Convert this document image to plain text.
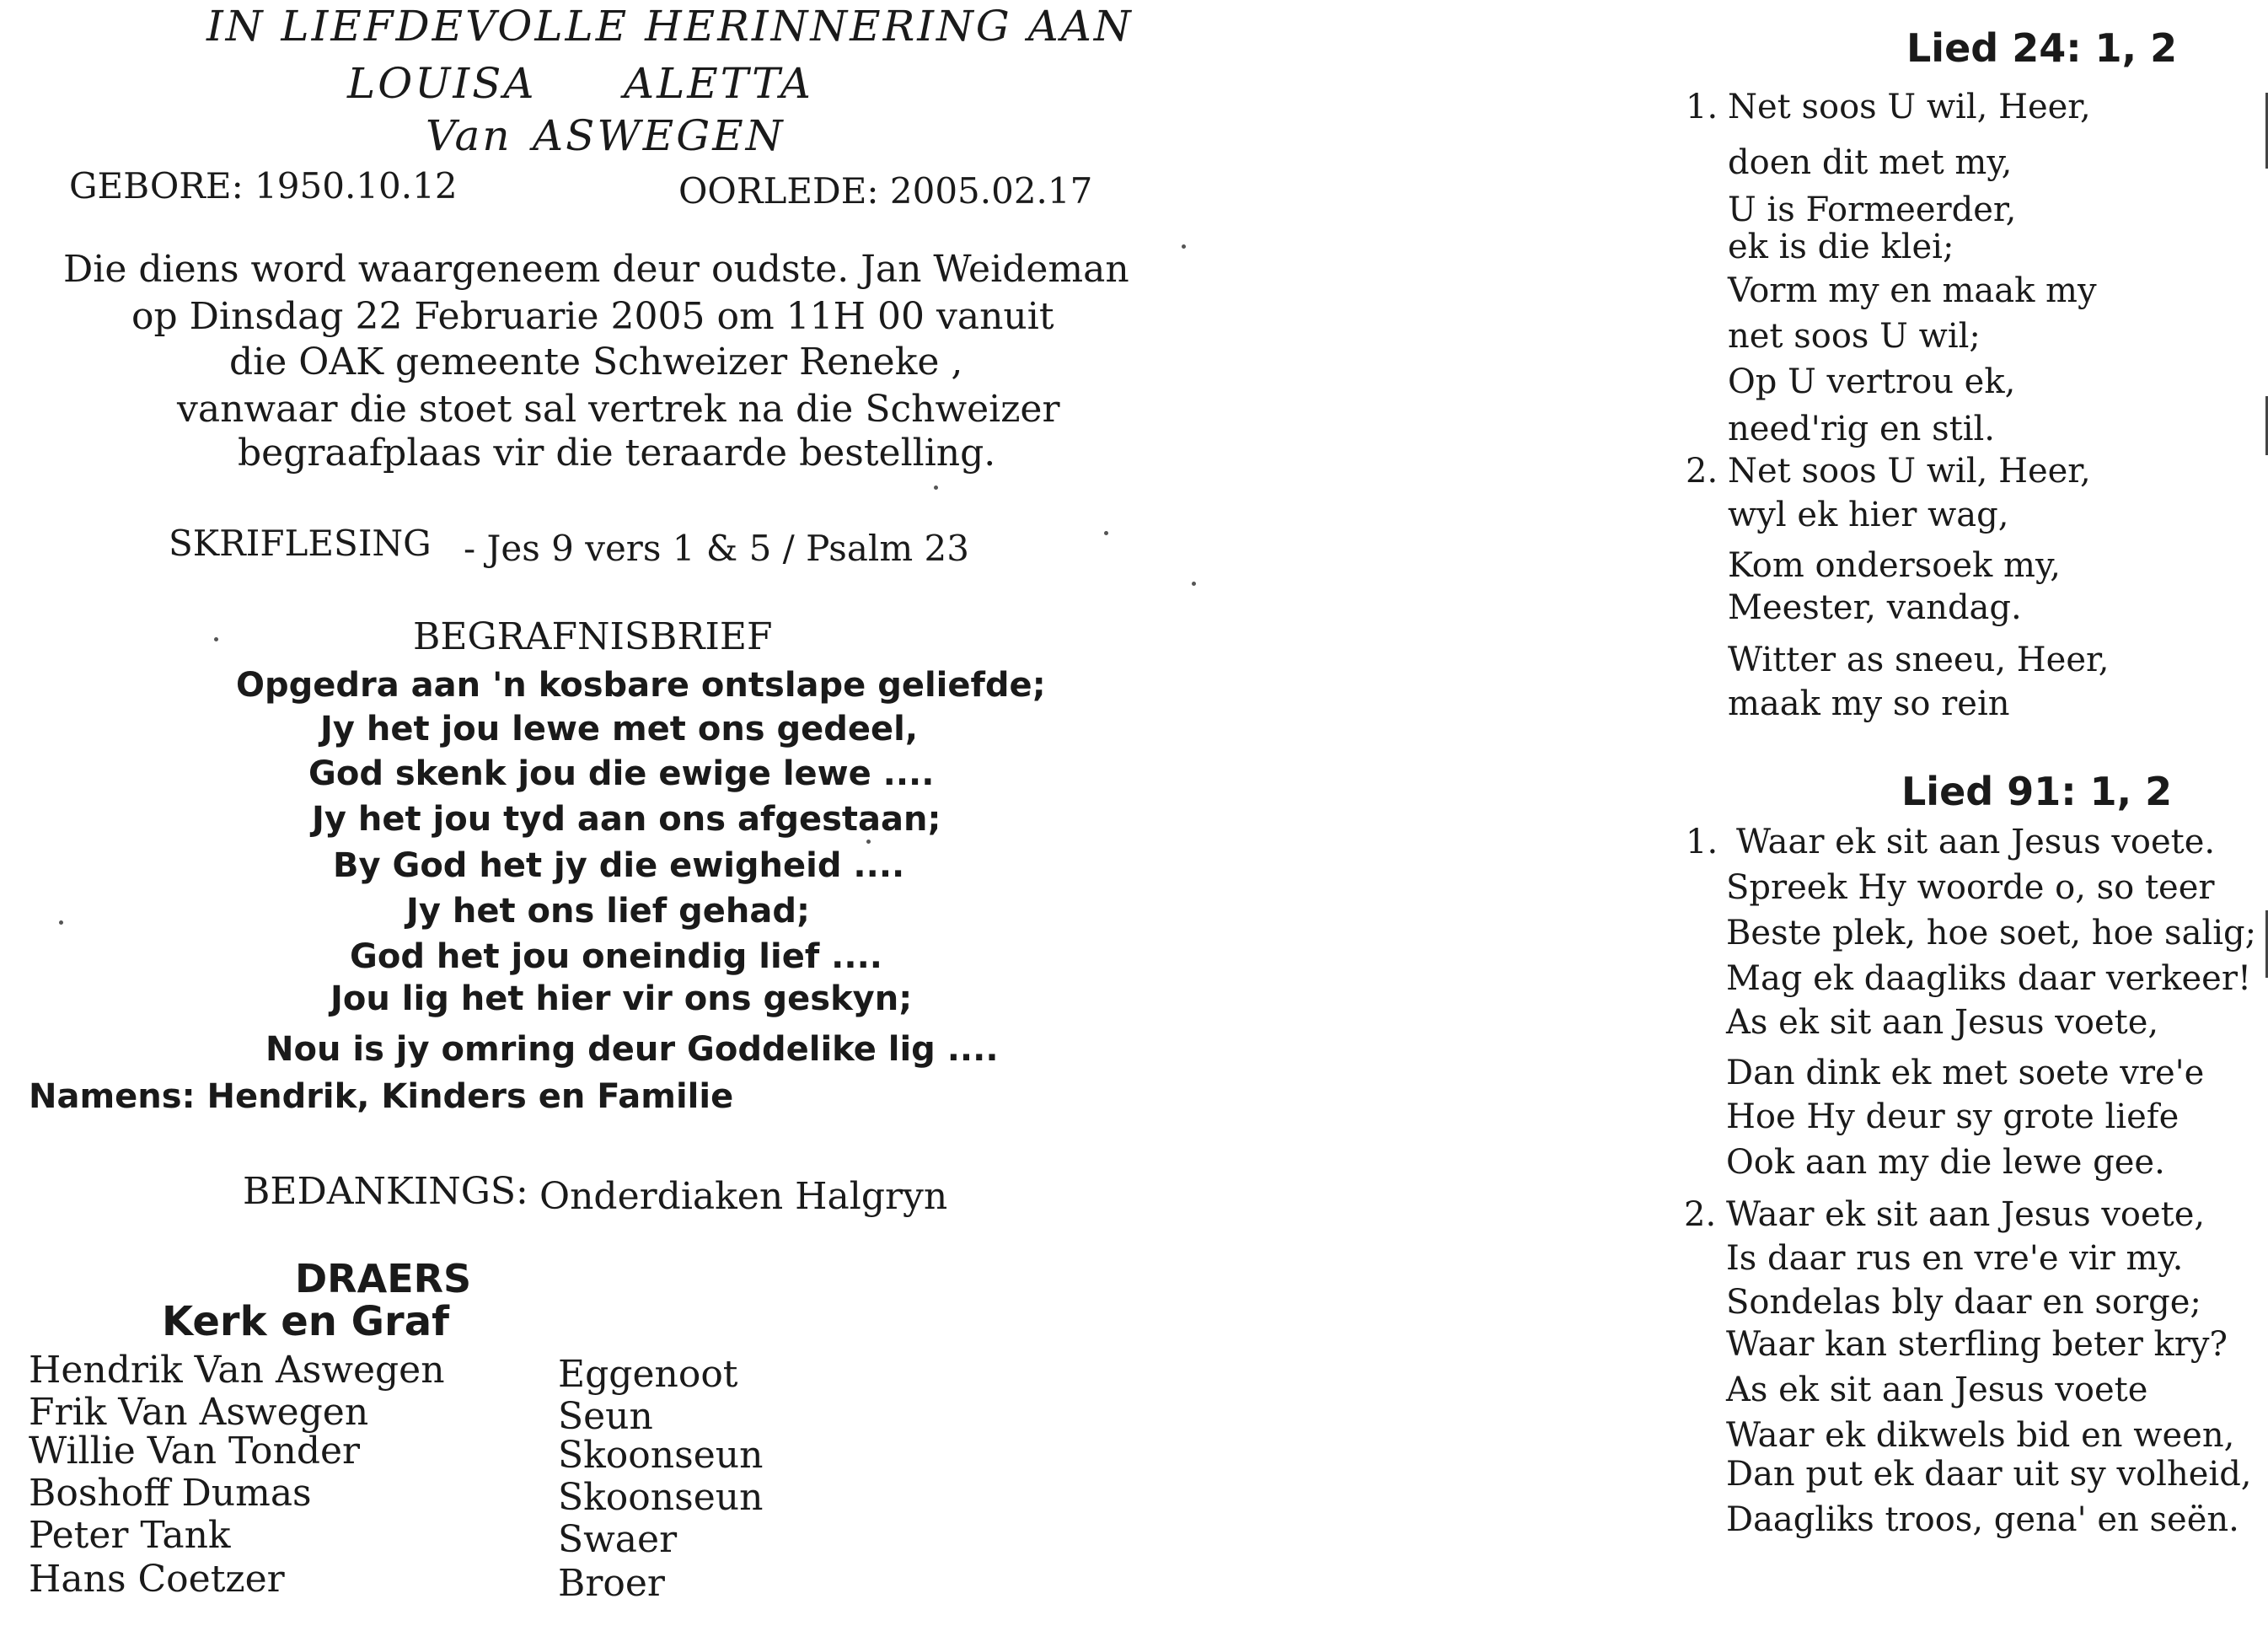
IN LIEFDEVOLLE HERINNERING AAN
LOUISA ALETTA
Van ASWEGEN
GEBORE: 1950.10.12	OORLEDE: 2005.02.17
Die diens word waargeneem deur oudste. Jan Weideman
op Dinsdag 22 Februarie 2005 om 11H 00 vanuit
die OAK gemeente Schweizer Reneke ,
vanwaar die stoet sal vertrek na die Schweizer
begraafplaas vir die teraarde bestelling.
SKRIFLESING - Jes 9 vers 1 & 5 / Psalm 23
BEGRAFNISBRIEF
Opgedra aan 'n kosbare ontslape geliefde;
Jy het jou lewe met ons gedeel,
God skenk jou die ewige lewe ....
Jy het jou tyd aan ons afgestaan;
By God het jy die ewigheid ....
Jy het ons lief gehad;
God het jou oneindig lief ....
Jou lig het hier vir ons geskyn;
Nou is jy omring deur Goddelike lig ....
Namens: Hendrik, Kinders en Familie
BEDANKINGS: Onderdiaken Halgryn
DRAERS
Kerk en Graf
Hendrik Van Aswegen	Eggenoot
Frik Van Aswegen	Seun
Willie Van Tonder	Skoonseun
Boshoff Dumas	Skoonseun
Peter Tank	Swaer
Hans Coetzer	Broer
Lied 24: 1, 2
1. Net soos U wil, Heer,
doen dit met my,
U is Formeerder,
ek is die klei;
Vorm my en maak my
net soos U wil;
Op U vertrou ek,
need'rig en stil.
2. Net soos U wil, Heer,
wyl ek hier wag,
Kom ondersoek my,
Meester, vandag.
Witter as sneeu, Heer,
maak my so rein
Lied 91: 1, 2
1. Waar ek sit aan Jesus voete.
Spreek Hy woorde o, so teer
Beste plek, hoe soet, hoe salig;
Mag ek daagliks daar verkeer!
As ek sit aan Jesus voete,
Dan dink ek met soete vre'e
Hoe Hy deur sy grote liefe
Ook aan my die lewe gee.
2. Waar ek sit aan Jesus voete,
Is daar rus en vre'e vir my.
Sondelas bly daar en sorge;
Waar kan sterfling beter kry?
As ek sit aan Jesus voete
Waar ek dikwels bid en ween,
Dan put ek daar uit sy volheid,
Daagliks troos, gena' en seën.
